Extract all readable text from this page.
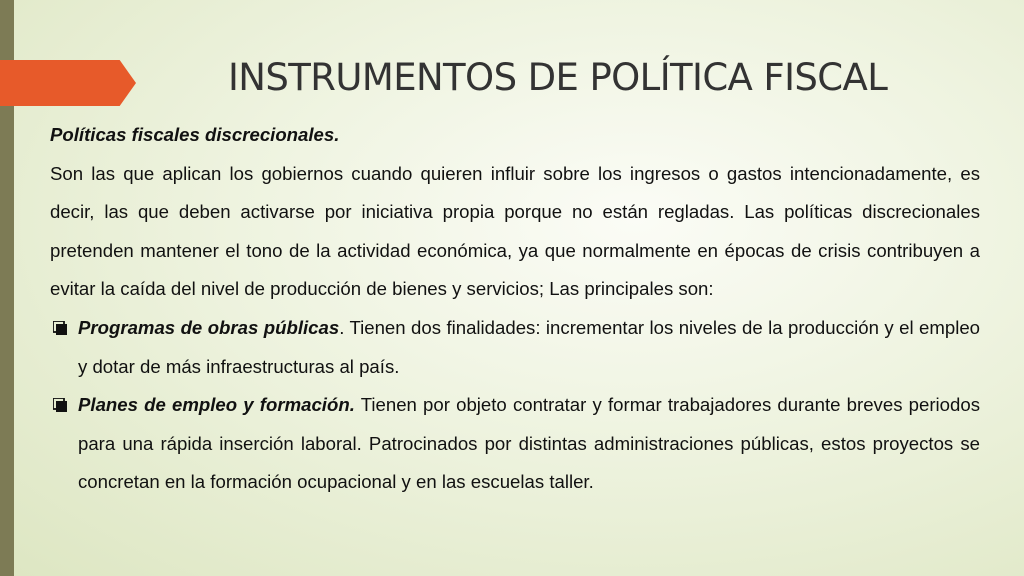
INSTRUMENTOS DE POLÍTICA FISCAL

Políticas fiscales discrecionales.

Son las que aplican los gobiernos cuando quieren influir sobre los ingresos o gastos intencionadamente, es decir, las que deben activarse por iniciativa propia porque no están regladas. Las políticas discrecionales pretenden mantener el tono de la actividad económica, ya que normalmente en épocas de crisis contribuyen a evitar la caída del nivel de producción de bienes y servicios; Las principales son:

Programas de obras públicas. Tienen dos finalidades: incrementar los niveles de la producción y el empleo y dotar de más infraestructuras al país.
Planes de empleo y formación. Tienen por objeto contratar y formar trabajadores durante breves periodos para una rápida inserción laboral. Patrocinados por distintas administraciones públicas, estos proyectos se concretan en la formación ocupacional y en las escuelas taller.
